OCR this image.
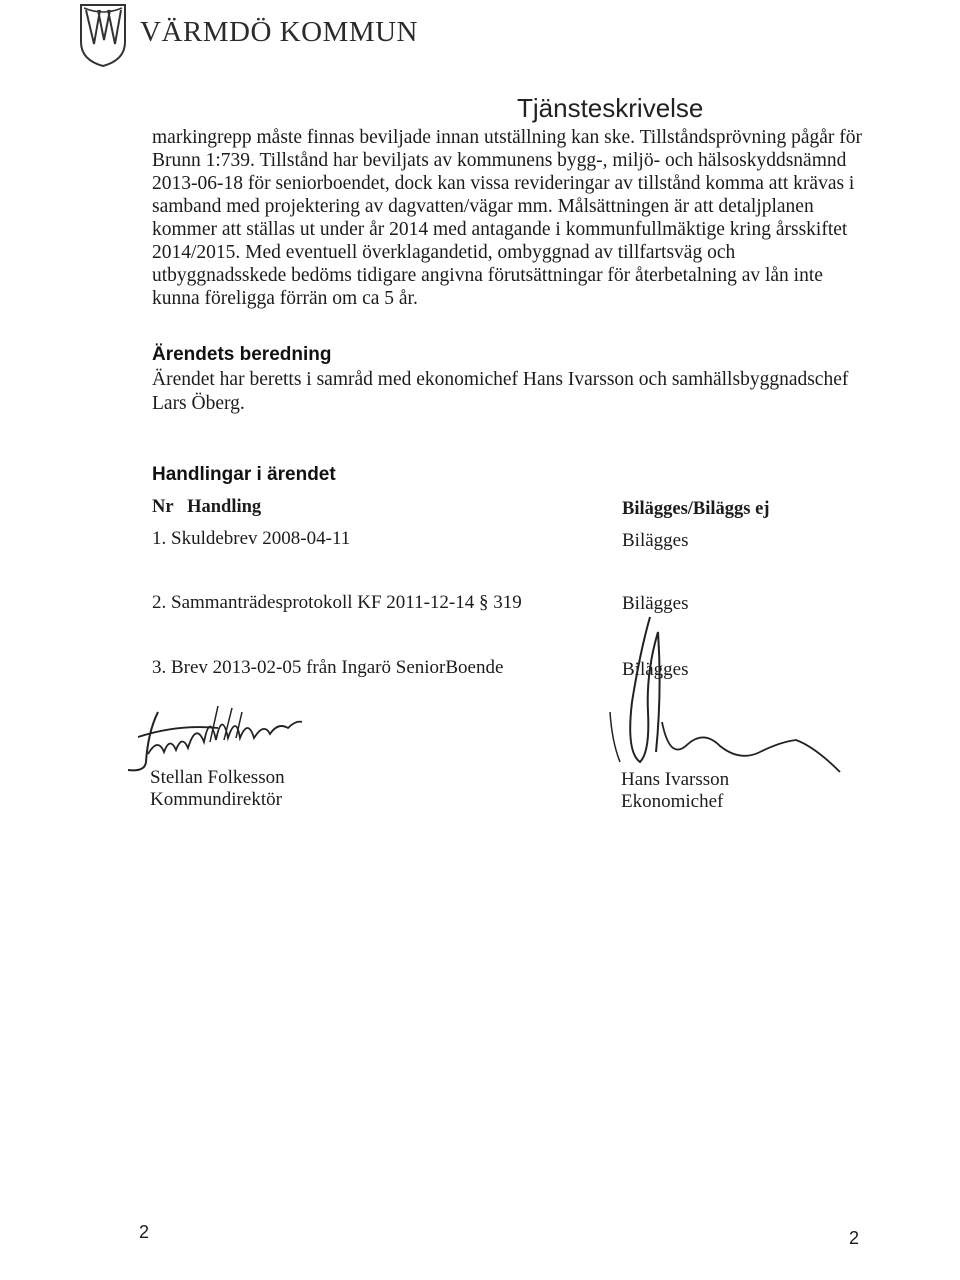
VÄRMDÖ KOMMUN
Tjänsteskrivelse
markingrepp måste finnas beviljade innan utställning kan ske. Tillståndsprövning pågår för
Brunn 1:739. Tillstånd har beviljats av kommunens bygg-, miljö- och hälsoskyddsnämnd
2013-06-18 för seniorboendet, dock kan vissa revideringar av tillstånd komma att krävas i
samband med projektering av dagvatten/vägar mm. Målsättningen är att detaljplanen
kommer att ställas ut under år 2014 med antagande i kommunfullmäktige kring årsskiftet
2014/2015. Med eventuell överklagandetid, ombyggnad av tillfartsväg och
utbyggnadsskede bedöms tidigare angivna förutsättningar för återbetalning av lån inte
kunna föreligga förrän om ca 5 år.
Ärendets beredning
Ärendet har beretts i samråd med ekonomichef Hans Ivarsson och samhällsbyggnadschef
Lars Öberg.
Handlingar i ärendet
Nr   Handling	Bilägges/Biläggs ej
1. Skuldebrev 2008-04-11	Bilägges
2. Sammanträdesprotokoll KF 2011-12-14 § 319	Bilägges
3. Brev 2013-02-05 från Ingarö SeniorBoende	Bilägges
Stellan Folkesson
Kommundirektör
Hans Ivarsson
Ekonomichef
2	2
